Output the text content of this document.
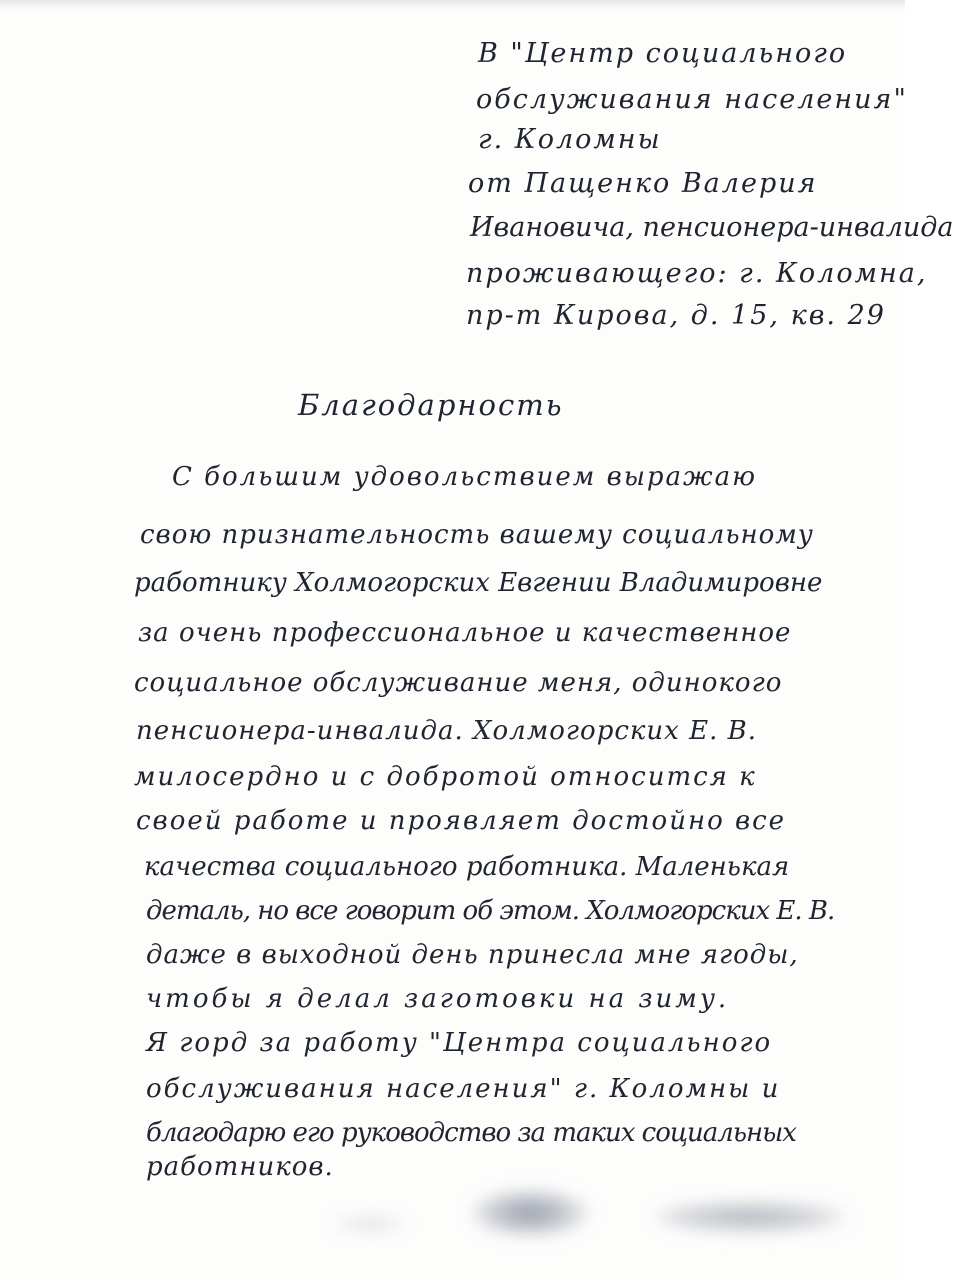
В "Центр социального
обслуживания населения"
г. Коломны
от Пащенко Валерия
Ивановича, пенсионера-инвалида
проживающего: г. Коломна,
пр-т Кирова, д. 15, кв. 29
Благодарность
С большим удовольствием выражаю
свою признательность вашему социальному
работнику Холмогорских Евгении Владимировне
за очень профессиональное и качественное
социальное обслуживание меня, одинокого
пенсионера-инвалида. Холмогорских Е. В.
милосердно и с добротой относится к
своей работе и проявляет достойно все
качества социального работника. Маленькая
деталь, но все говорит об этом. Холмогорских Е. В.
даже в выходной день принесла мне ягоды,
чтобы я делал заготовки на зиму.
Я горд за работу "Центра социального
обслуживания населения" г. Коломны и
благодарю его руководство за таких социальных
работников.
